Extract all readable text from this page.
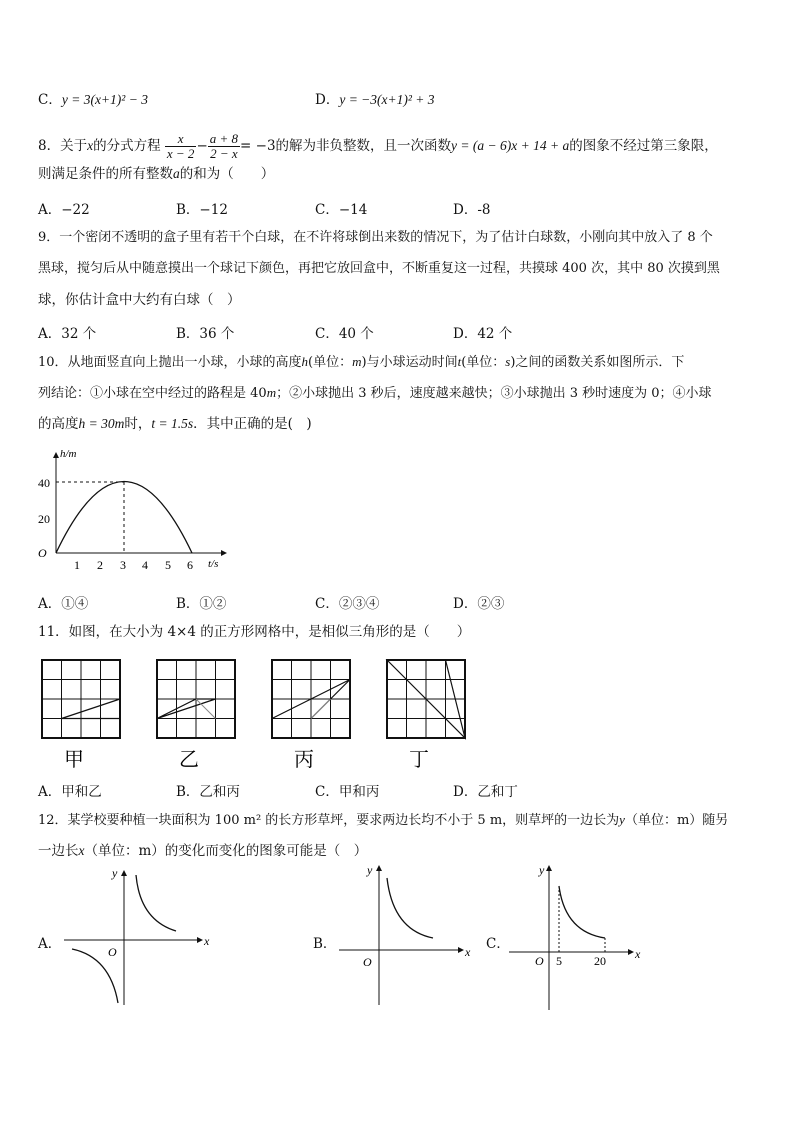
C．y = 3(x+1)² − 3	D．y = −3(x+1)² + 3
8．关于x的分式方程 $\frac{x}{x - 2} - \frac{a + 8}{2 - x} = -3$的解为非负整数，且一次函数y = (a − 6)x + 14 + a的图象不经过第三象限，
则满足条件的所有整数a的和为（　　）
A．−22	B．−12	C．−14	D．-8
9．一个密闭不透明的盒子里有若干个白球，在不许将球倒出来数的情况下，为了估计白球数，小刚向其中放入了 8 个
黑球，搅匀后从中随意摸出一个球记下颜色，再把它放回盒中，不断重复这一过程，共摸球 400 次，其中 80 次摸到黑
球，你估计盒中大约有白球（　）
A．32 个	B．36 个	C．40 个	D．42 个
10．从地面竖直向上抛出一小球，小球的高度h(单位：m)与小球运动时间t(单位：s)之间的函数关系如图所示．下
列结论：①小球在空中经过的路程是 40m；②小球抛出 3 秒后，速度越来越快；③小球抛出 3 秒时速度为 0；④小球
的高度h = 30m时，t = 1.5s．其中正确的是(　)
h/m
t/s
O
40
20
1 2 3 4 5 6
A．①④	B．①②	C．②③④	D．②③
11．如图，在大小为 4×4 的正方形网格中，是相似三角形的是（　　）
甲	乙	丙	丁
A．甲和乙	B．乙和丙	C．甲和丙	D．乙和丁
12．某学校要种植一块面积为 100 m² 的长方形草坪，要求两边长均不小于 5 m，则草坪的一边长为y（单位：m）随另
一边长x（单位：m）的变化而变化的图象可能是（　）
A．
y
x
O	B．
y
x
O
C．
y
x
O 5	20
